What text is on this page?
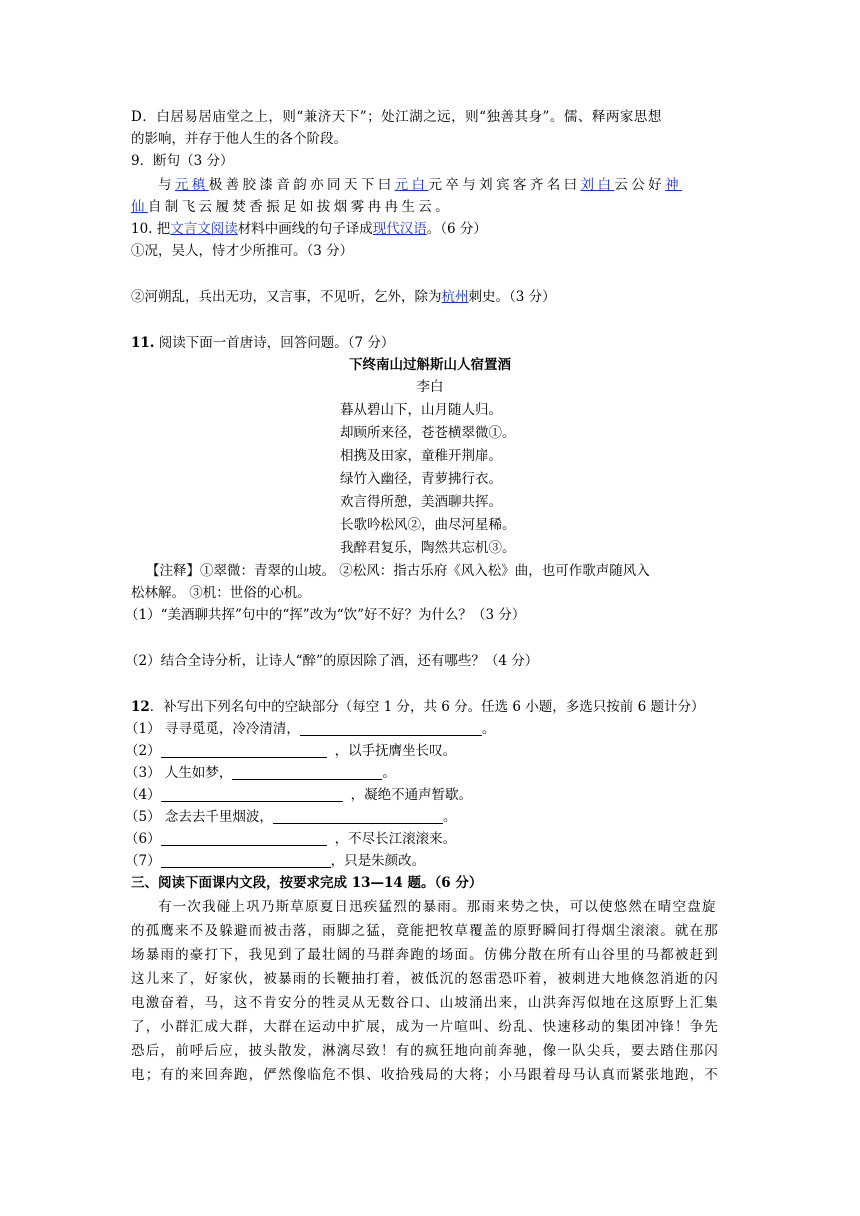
D．白居易居庙堂之上，则“兼济天下”；处江湖之远，则“独善其身”。儒、释两家思想
的影响，并存于他人生的各个阶段。
9．断句（3 分）
与元稹极善胶漆音韵亦同天下曰元白元卒与刘宾客齐名曰刘白云公好神
仙自制飞云履焚香振足如拔烟雾冉冉生云。
10. 把文言文阅读材料中画线的句子译成现代汉语。（6 分）
①况，吴人，恃才少所推可。（3 分）
②河朔乱，兵出无功，又言事，不见听，乞外，除为杭州刺史。（3 分）
11. 阅读下面一首唐诗，回答问题。（7 分）
下终南山过斛斯山人宿置酒
李白
暮从碧山下，山月随人归。
却顾所来径，苍苍横翠微①。
相携及田家，童稚开荆扉。
绿竹入幽径，青萝拂行衣。
欢言得所憩，美酒聊共挥。
长歌吟松风②，曲尽河星稀。
我醉君复乐，陶然共忘机③。
【注释】①翠微：青翠的山坡。 ②松风：指古乐府《风入松》曲，也可作歌声随风入
松林解。 ③机：世俗的心机。
（1）“美酒聊共挥”句中的“挥”改为“饮”好不好？为什么？（3 分）
（2）结合全诗分析，让诗人“醉”的原因除了酒，还有哪些？（4 分）
12．补写出下列名句中的空缺部分（每空 1 分，共 6 分。任选 6 小题，多选只按前 6 题计分）
（1） 寻寻觅觅，冷冷清清，	。
（2）	，以手抚膺坐长叹。
（3） 人生如梦，	。
（4）	，凝绝不通声暂歇。
（5） 念去去千里烟波，	。
（6）	，不尽长江滚滚来。
（7）	，只是朱颜改。
三、阅读下面课内文段，按要求完成 13—14 题。（6 分）
有一次我碰上巩乃斯草原夏日迅疾猛烈的暴雨。那雨来势之快，可以使悠然在晴空盘旋
的孤鹰来不及躲避而被击落，雨脚之猛，竟能把牧草覆盖的原野瞬间打得烟尘滚滚。就在那
场暴雨的豪打下，我见到了最壮阔的马群奔跑的场面。仿佛分散在所有山谷里的马都被赶到
这儿来了，好家伙，被暴雨的长鞭抽打着，被低沉的怒雷恐吓着，被刺进大地倏忽消逝的闪
电激奋着，马，这不肯安分的牲灵从无数谷口、山坡涌出来，山洪奔泻似地在这原野上汇集
了，小群汇成大群，大群在运动中扩展，成为一片喧叫、纷乱、快速移动的集团冲锋！争先
恐后，前呼后应，披头散发，淋漓尽致！有的疯狂地向前奔驰，像一队尖兵，要去踏住那闪
电；有的来回奔跑，俨然像临危不惧、收拾残局的大将；小马跟着母马认真而紧张地跑，不
